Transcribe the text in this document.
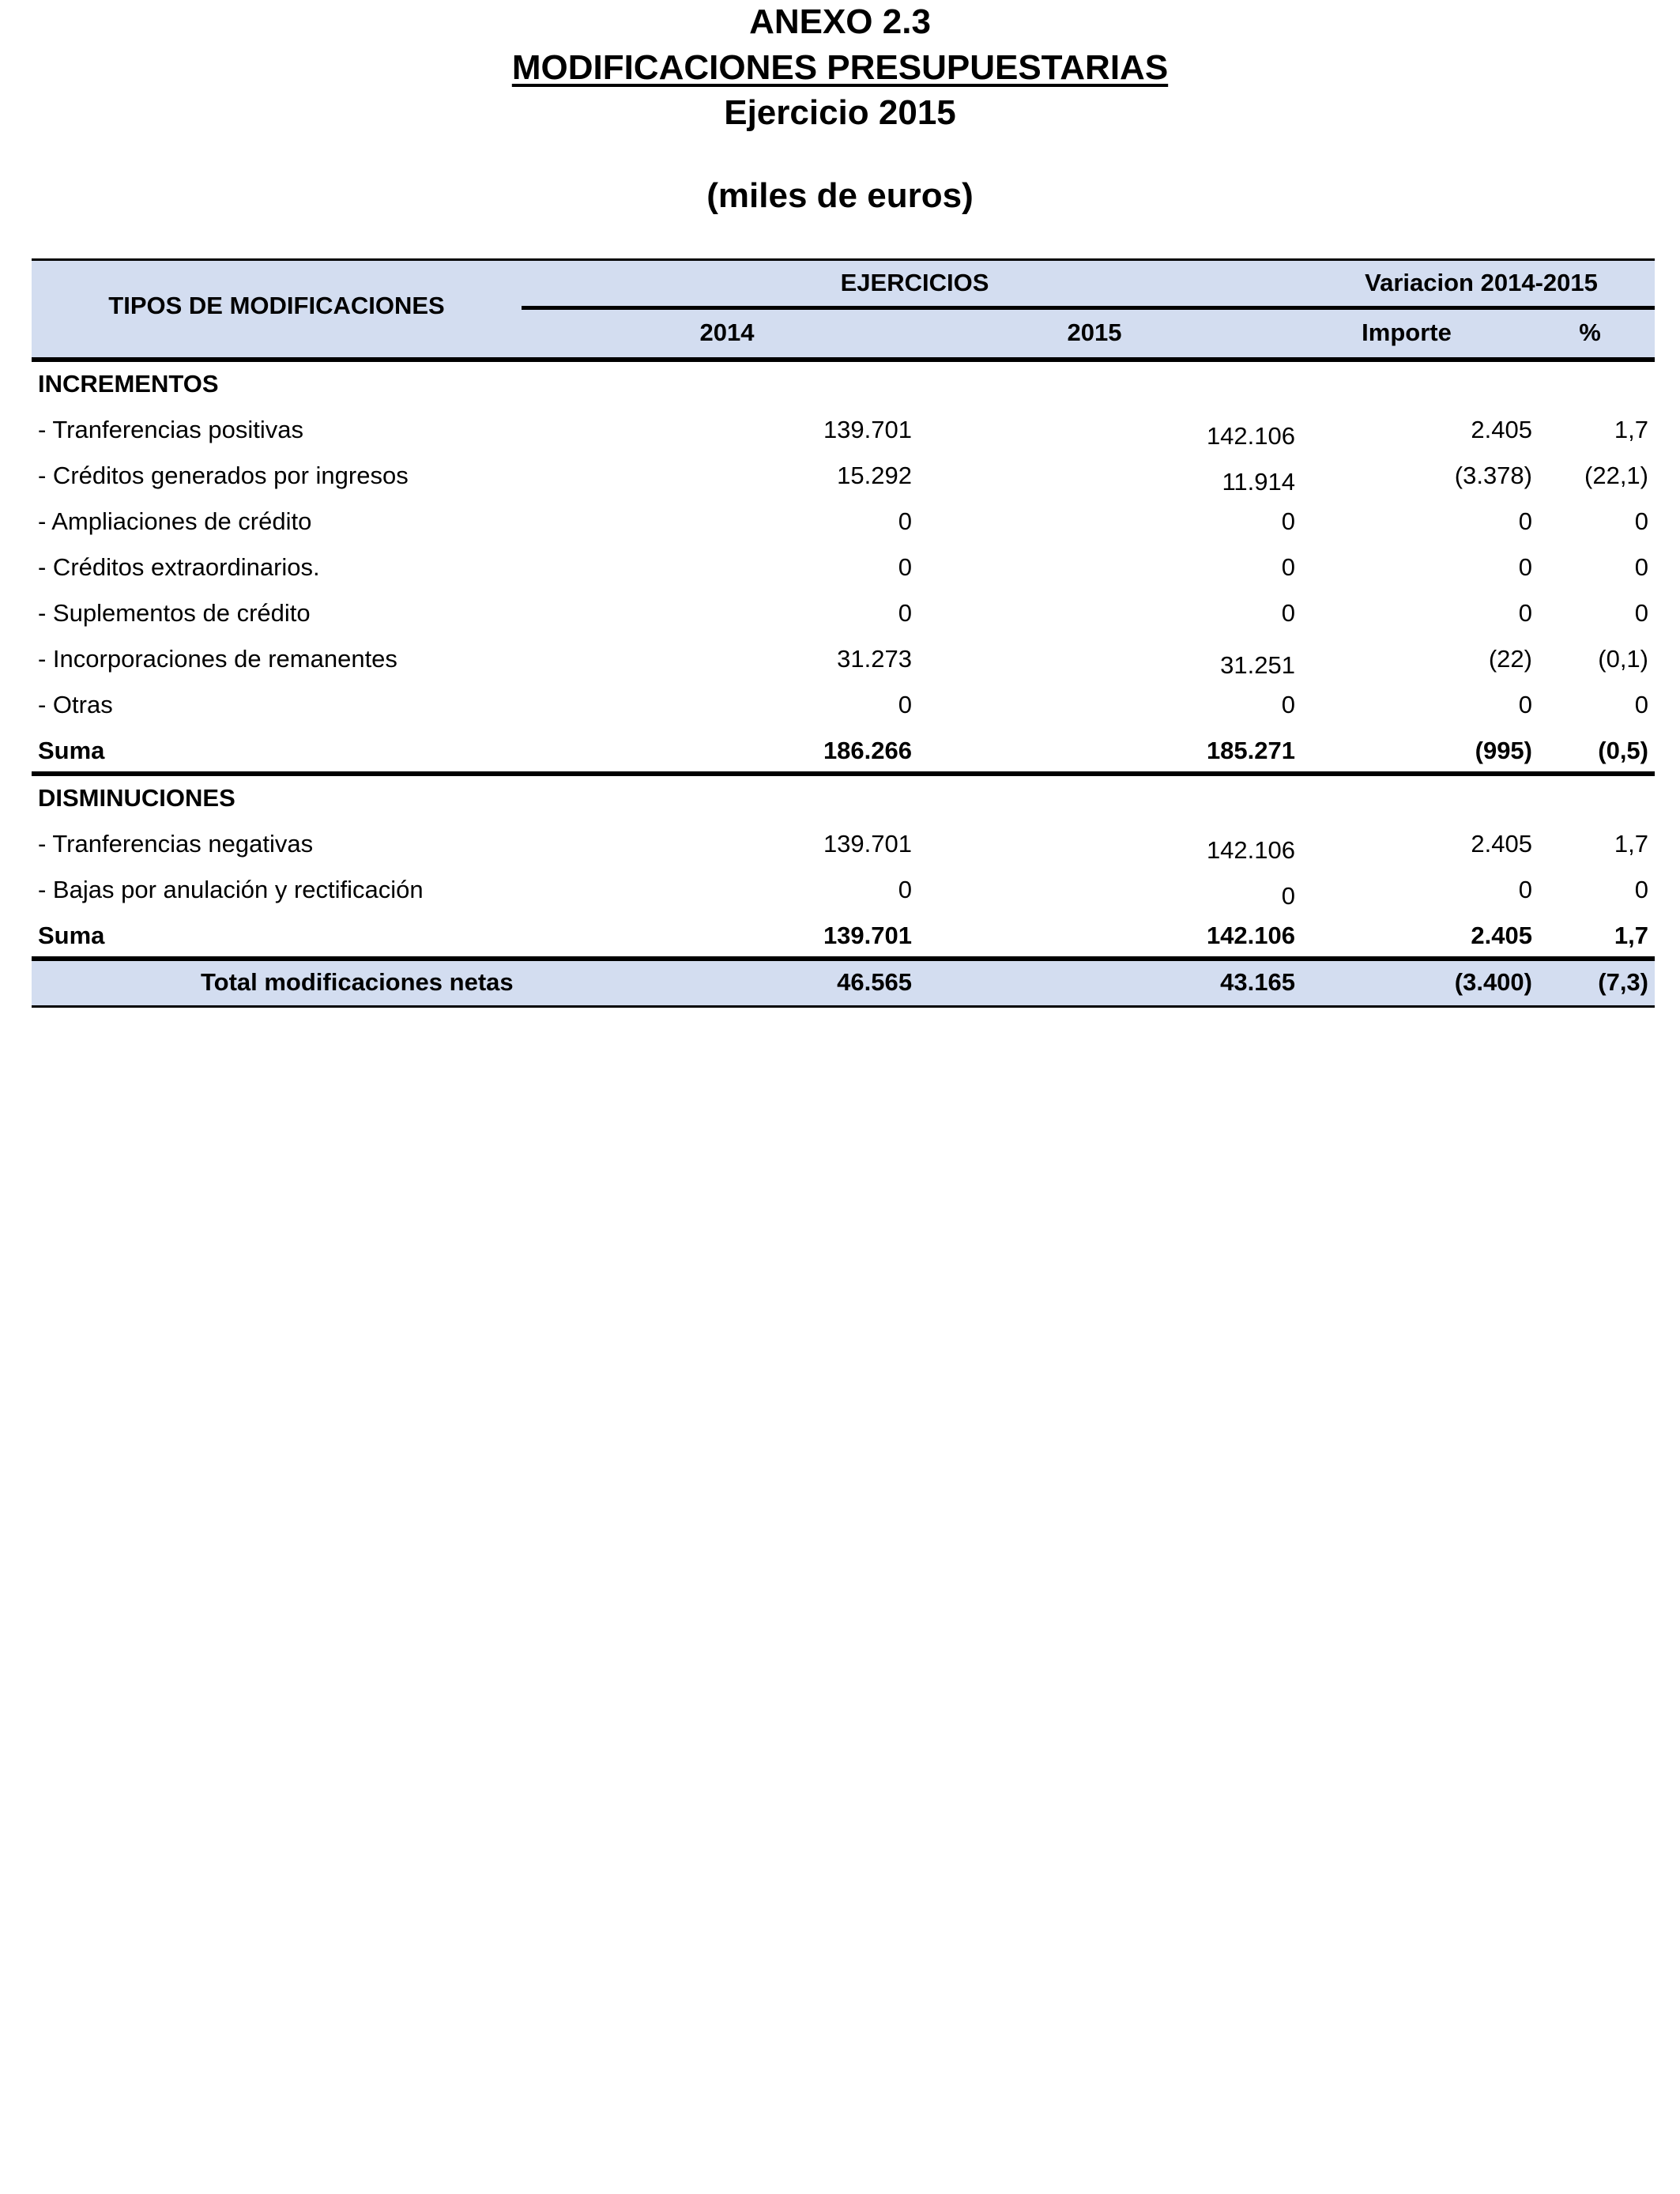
ANEXO 2.3
MODIFICACIONES PRESUPUESTARIAS
Ejercicio 2015
(miles de euros)
TIPOS DE MODIFICACIONES
EJERCICIOS	Variacion 2014-2015
2014	2015	Importe	%
INCREMENTOS
- Tranferencias positivas	139.701	142.106	2.405	1,7
- Créditos generados por ingresos	15.292	11.914	(3.378) (22,1)
- Ampliaciones de crédito	0	0	0	0
- Créditos extraordinarios.	0	0	0	0
- Suplementos de crédito	0	0	0	0
- Incorporaciones de remanentes	31.273	31.251	(22)	(0,1)
- Otras	0	0	0	0
Suma	186.266	185.271	(995)	(0,5)
DISMINUCIONES
- Tranferencias negativas	139.701	142.106	2.405	1,7
- Bajas por anulación y rectificación	0	0	0	0
Suma	139.701	142.106	2.405	1,7
Total modificaciones netas	46.565	43.165	(3.400)	(7,3)
